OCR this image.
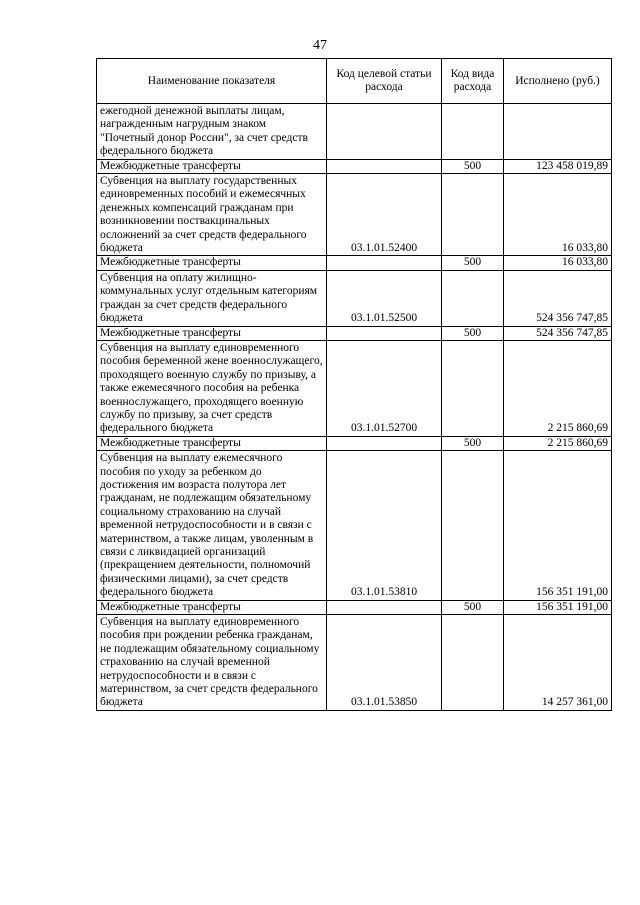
47
Наименование показателя	Код целевой статьи расхода	Код вида расхода	Исполнено (руб.)
ежегодной денежной выплаты лицам, награжденным нагрудным знаком "Почетный донор России", за счет средств федерального бюджета			
Межбюджетные трансферты		500	123 458 019,89
Субвенция на выплату государственных единовременных пособий и ежемесячных денежных компенсаций гражданам при возникновении поствакцинальных осложнений за счет средств федерального бюджета	03.1.01.52400		16 033,80
Межбюджетные трансферты		500	16 033,80
Субвенция на оплату жилищно-коммунальных услуг отдельным категориям граждан за счет средств федерального бюджета	03.1.01.52500		524 356 747,85
Межбюджетные трансферты		500	524 356 747,85
Субвенция на выплату единовременного пособия беременной жене военнослужащего, проходящего военную службу по призыву, а также ежемесячного пособия на ребенка военнослужащего, проходящего военную службу по призыву, за счет средств федерального бюджета	03.1.01.52700		2 215 860,69
Межбюджетные трансферты		500	2 215 860,69
Субвенция на выплату ежемесячного пособия по уходу за ребенком до достижения им возраста полутора лет гражданам, не подлежащим обязательному социальному страхованию на случай временной нетрудоспособности и в связи с материнством, а также лицам, уволенным в связи с ликвидацией организаций (прекращением деятельности, полномочий физическими лицами), за счет средств федерального бюджета	03.1.01.53810		156 351 191,00
Межбюджетные трансферты		500	156 351 191,00
Субвенция на выплату единовременного пособия при рождении ребенка гражданам, не подлежащим обязательному социальному страхованию на случай временной нетрудоспособности и в связи с материнством, за счет средств федерального бюджета	03.1.01.53850		14 257 361,00
